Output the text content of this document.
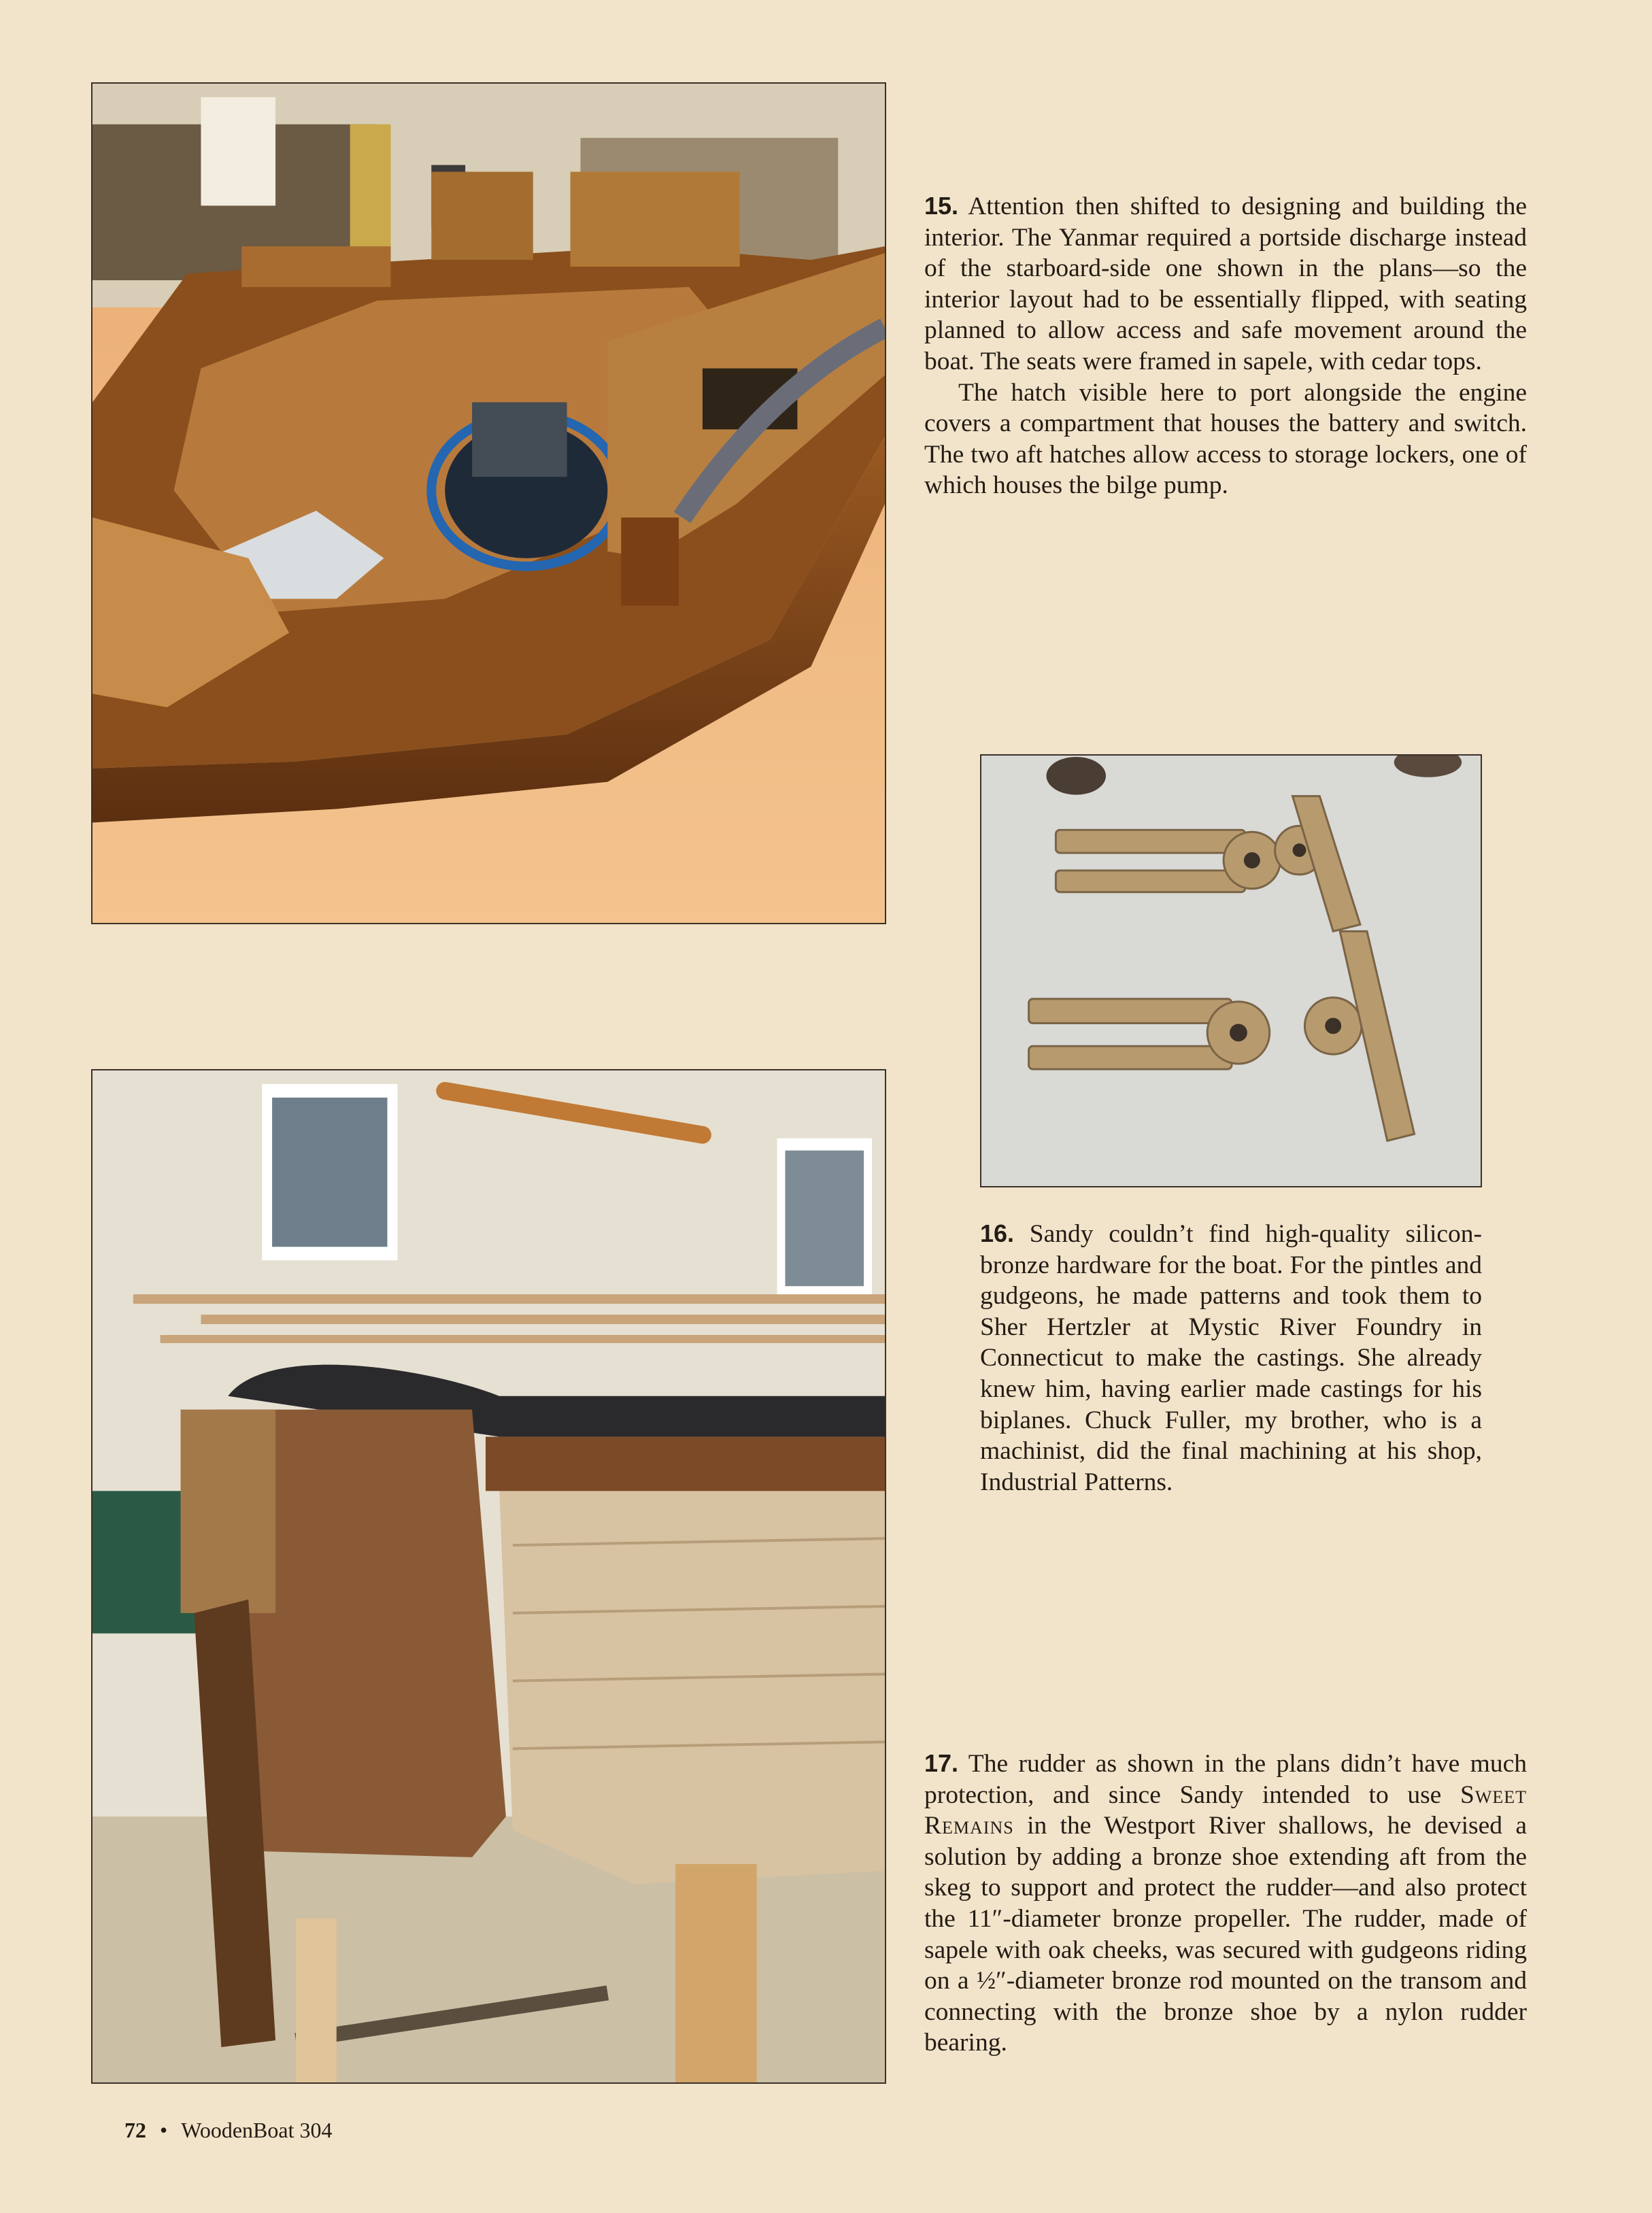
15. Attention then shifted to designing and building the interior. The Yanmar required a portside discharge instead of the starboard-side one shown in the plans—so the interior layout had to be essentially flipped, with seating planned to allow access and safe movement around the boat. The seats were framed in sapele, with cedar tops.

The hatch visible here to port alongside the engine covers a compartment that houses the battery and switch. The two aft hatches allow access to storage lockers, one of which houses the bilge pump.

16. Sandy couldn’t find high-quality silicon-bronze hardware for the boat. For the pintles and gudgeons, he made patterns and took them to Sher Hertzler at Mystic River Foundry in Connecticut to make the castings. She already knew him, having earlier made castings for his biplanes. Chuck Fuller, my brother, who is a machinist, did the final machining at his shop, Industrial Patterns.

17. The rudder as shown in the plans didn’t have much protection, and since Sandy intended to use Sweet Remains in the Westport River shallows, he devised a solution by adding a bronze shoe extending aft from the skeg to support and protect the rudder—and also protect the 11″-diameter bronze propeller. The rudder, made of sapele with oak cheeks, was secured with gudgeons riding on a ½″-diameter bronze rod mounted on the transom and connecting with the bronze shoe by a nylon rudder bearing.

72 • WoodenBoat 304
